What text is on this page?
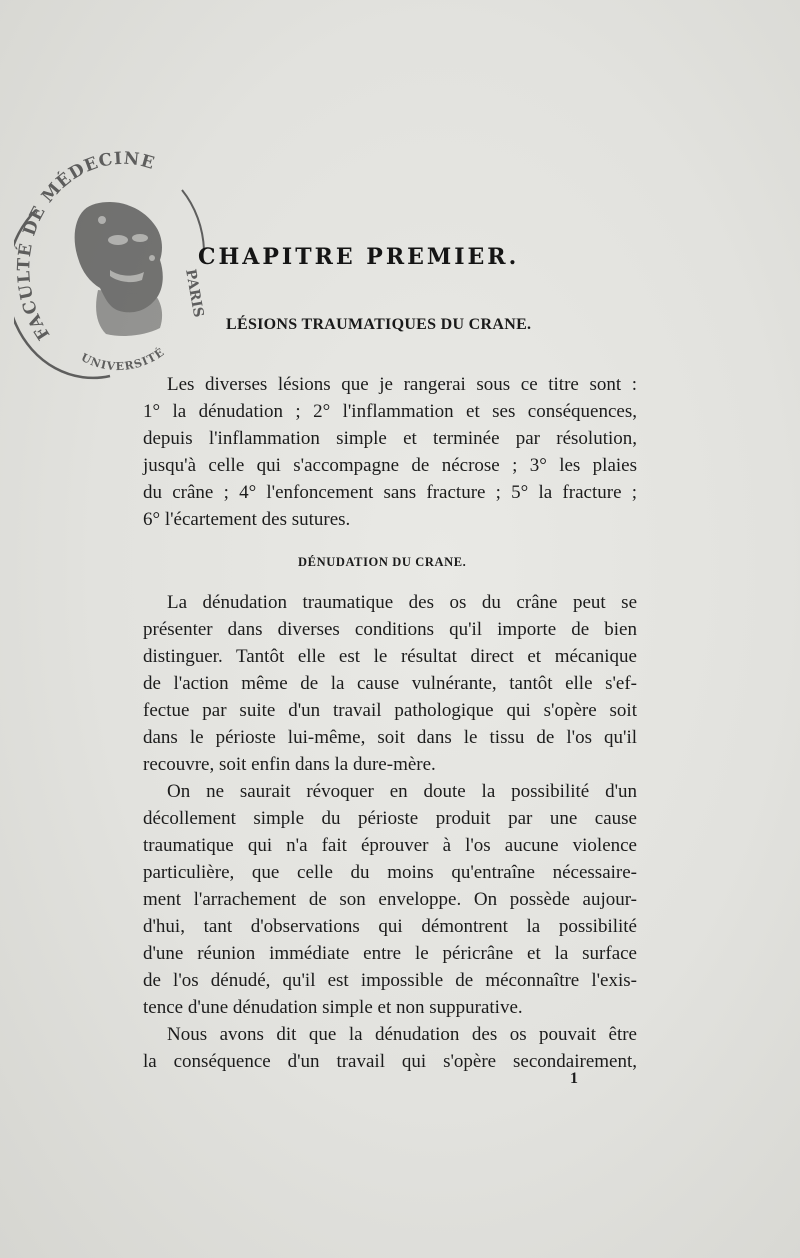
FACULTÉ DE MÉDECINE
PARIS
UNIVERSITÉ
CHAPITRE PREMIER.
LÉSIONS TRAUMATIQUES DU CRANE.
Les diverses lésions que je rangerai sous ce titre sont :
1° la dénudation ; 2° l'inflammation et ses conséquences,
depuis l'inflammation simple et terminée par résolution,
jusqu'à celle qui s'accompagne de nécrose ; 3° les plaies
du crâne ; 4° l'enfoncement sans fracture ; 5° la fracture ;
6° l'écartement des sutures.
DÉNUDATION DU CRANE.
La dénudation traumatique des os du crâne peut se
présenter dans diverses conditions qu'il importe de bien
distinguer. Tantôt elle est le résultat direct et mécanique
de l'action même de la cause vulnérante, tantôt elle s'ef-
fectue par suite d'un travail pathologique qui s'opère soit
dans le périoste lui-même, soit dans le tissu de l'os qu'il
recouvre, soit enfin dans la dure-mère.
On ne saurait révoquer en doute la possibilité d'un
décollement simple du périoste produit par une cause
traumatique qui n'a fait éprouver à l'os aucune violence
particulière, que celle du moins qu'entraîne nécessaire-
ment l'arrachement de son enveloppe. On possède aujour-
d'hui, tant d'observations qui démontrent la possibilité
d'une réunion immédiate entre le péricrâne et la surface
de l'os dénudé, qu'il est impossible de méconnaître l'exis-
tence d'une dénudation simple et non suppurative.
Nous avons dit que la dénudation des os pouvait être
la conséquence d'un travail qui s'opère secondairement,
1
